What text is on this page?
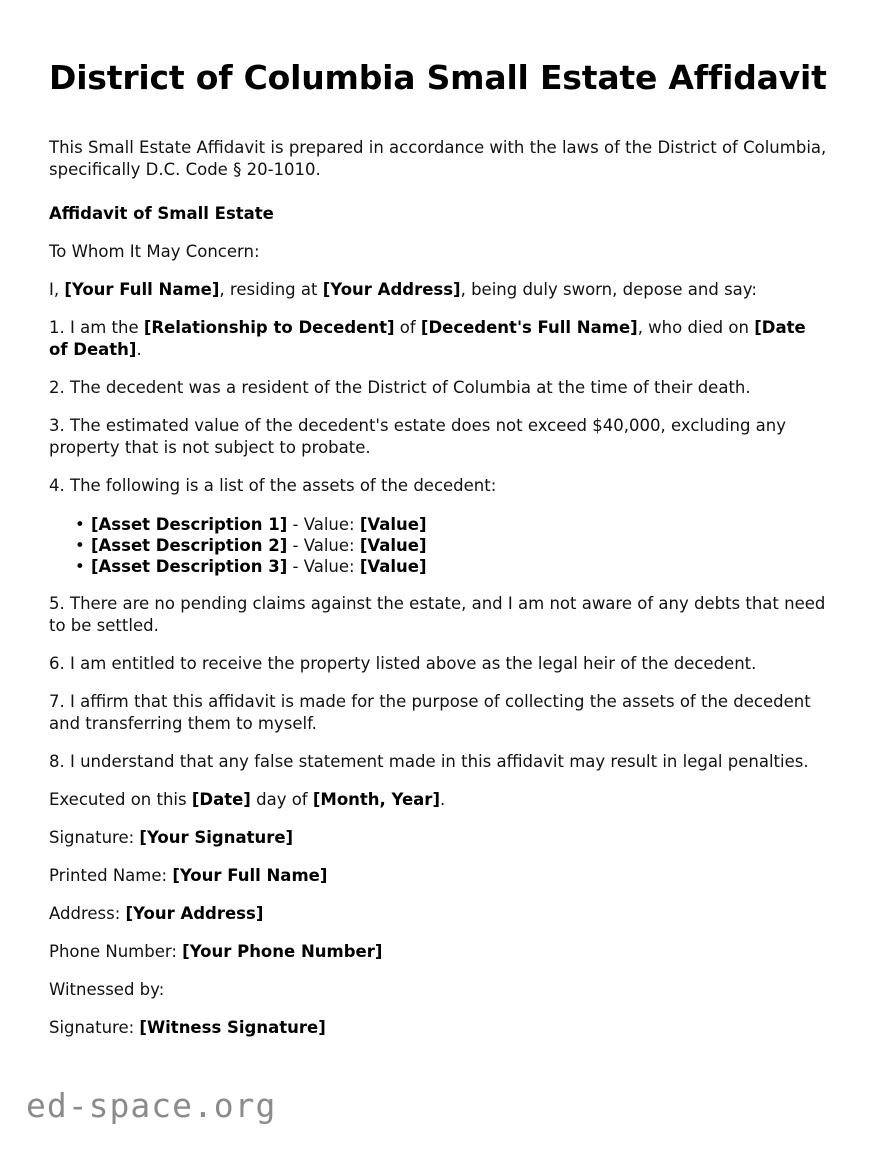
District of Columbia Small Estate Affidavit

This Small Estate Affidavit is prepared in accordance with the laws of the District of Columbia, specifically D.C. Code § 20-1010.

Affidavit of Small Estate

To Whom It May Concern:

I, [Your Full Name], residing at [Your Address], being duly sworn, depose and say:

1. I am the [Relationship to Decedent] of [Decedent's Full Name], who died on [Date of Death].

2. The decedent was a resident of the District of Columbia at the time of their death.

3. The estimated value of the decedent's estate does not exceed $40,000, excluding any property that is not subject to probate.

4. The following is a list of the assets of the decedent:

• [Asset Description 1] - Value: [Value]
• [Asset Description 2] - Value: [Value]
• [Asset Description 3] - Value: [Value]

5. There are no pending claims against the estate, and I am not aware of any debts that need to be settled.

6. I am entitled to receive the property listed above as the legal heir of the decedent.

7. I affirm that this affidavit is made for the purpose of collecting the assets of the decedent and transferring them to myself.

8. I understand that any false statement made in this affidavit may result in legal penalties.

Executed on this [Date] day of [Month, Year].

Signature: [Your Signature]

Printed Name: [Your Full Name]

Address: [Your Address]

Phone Number: [Your Phone Number]

Witnessed by:

Signature: [Witness Signature]

ed-space.org
